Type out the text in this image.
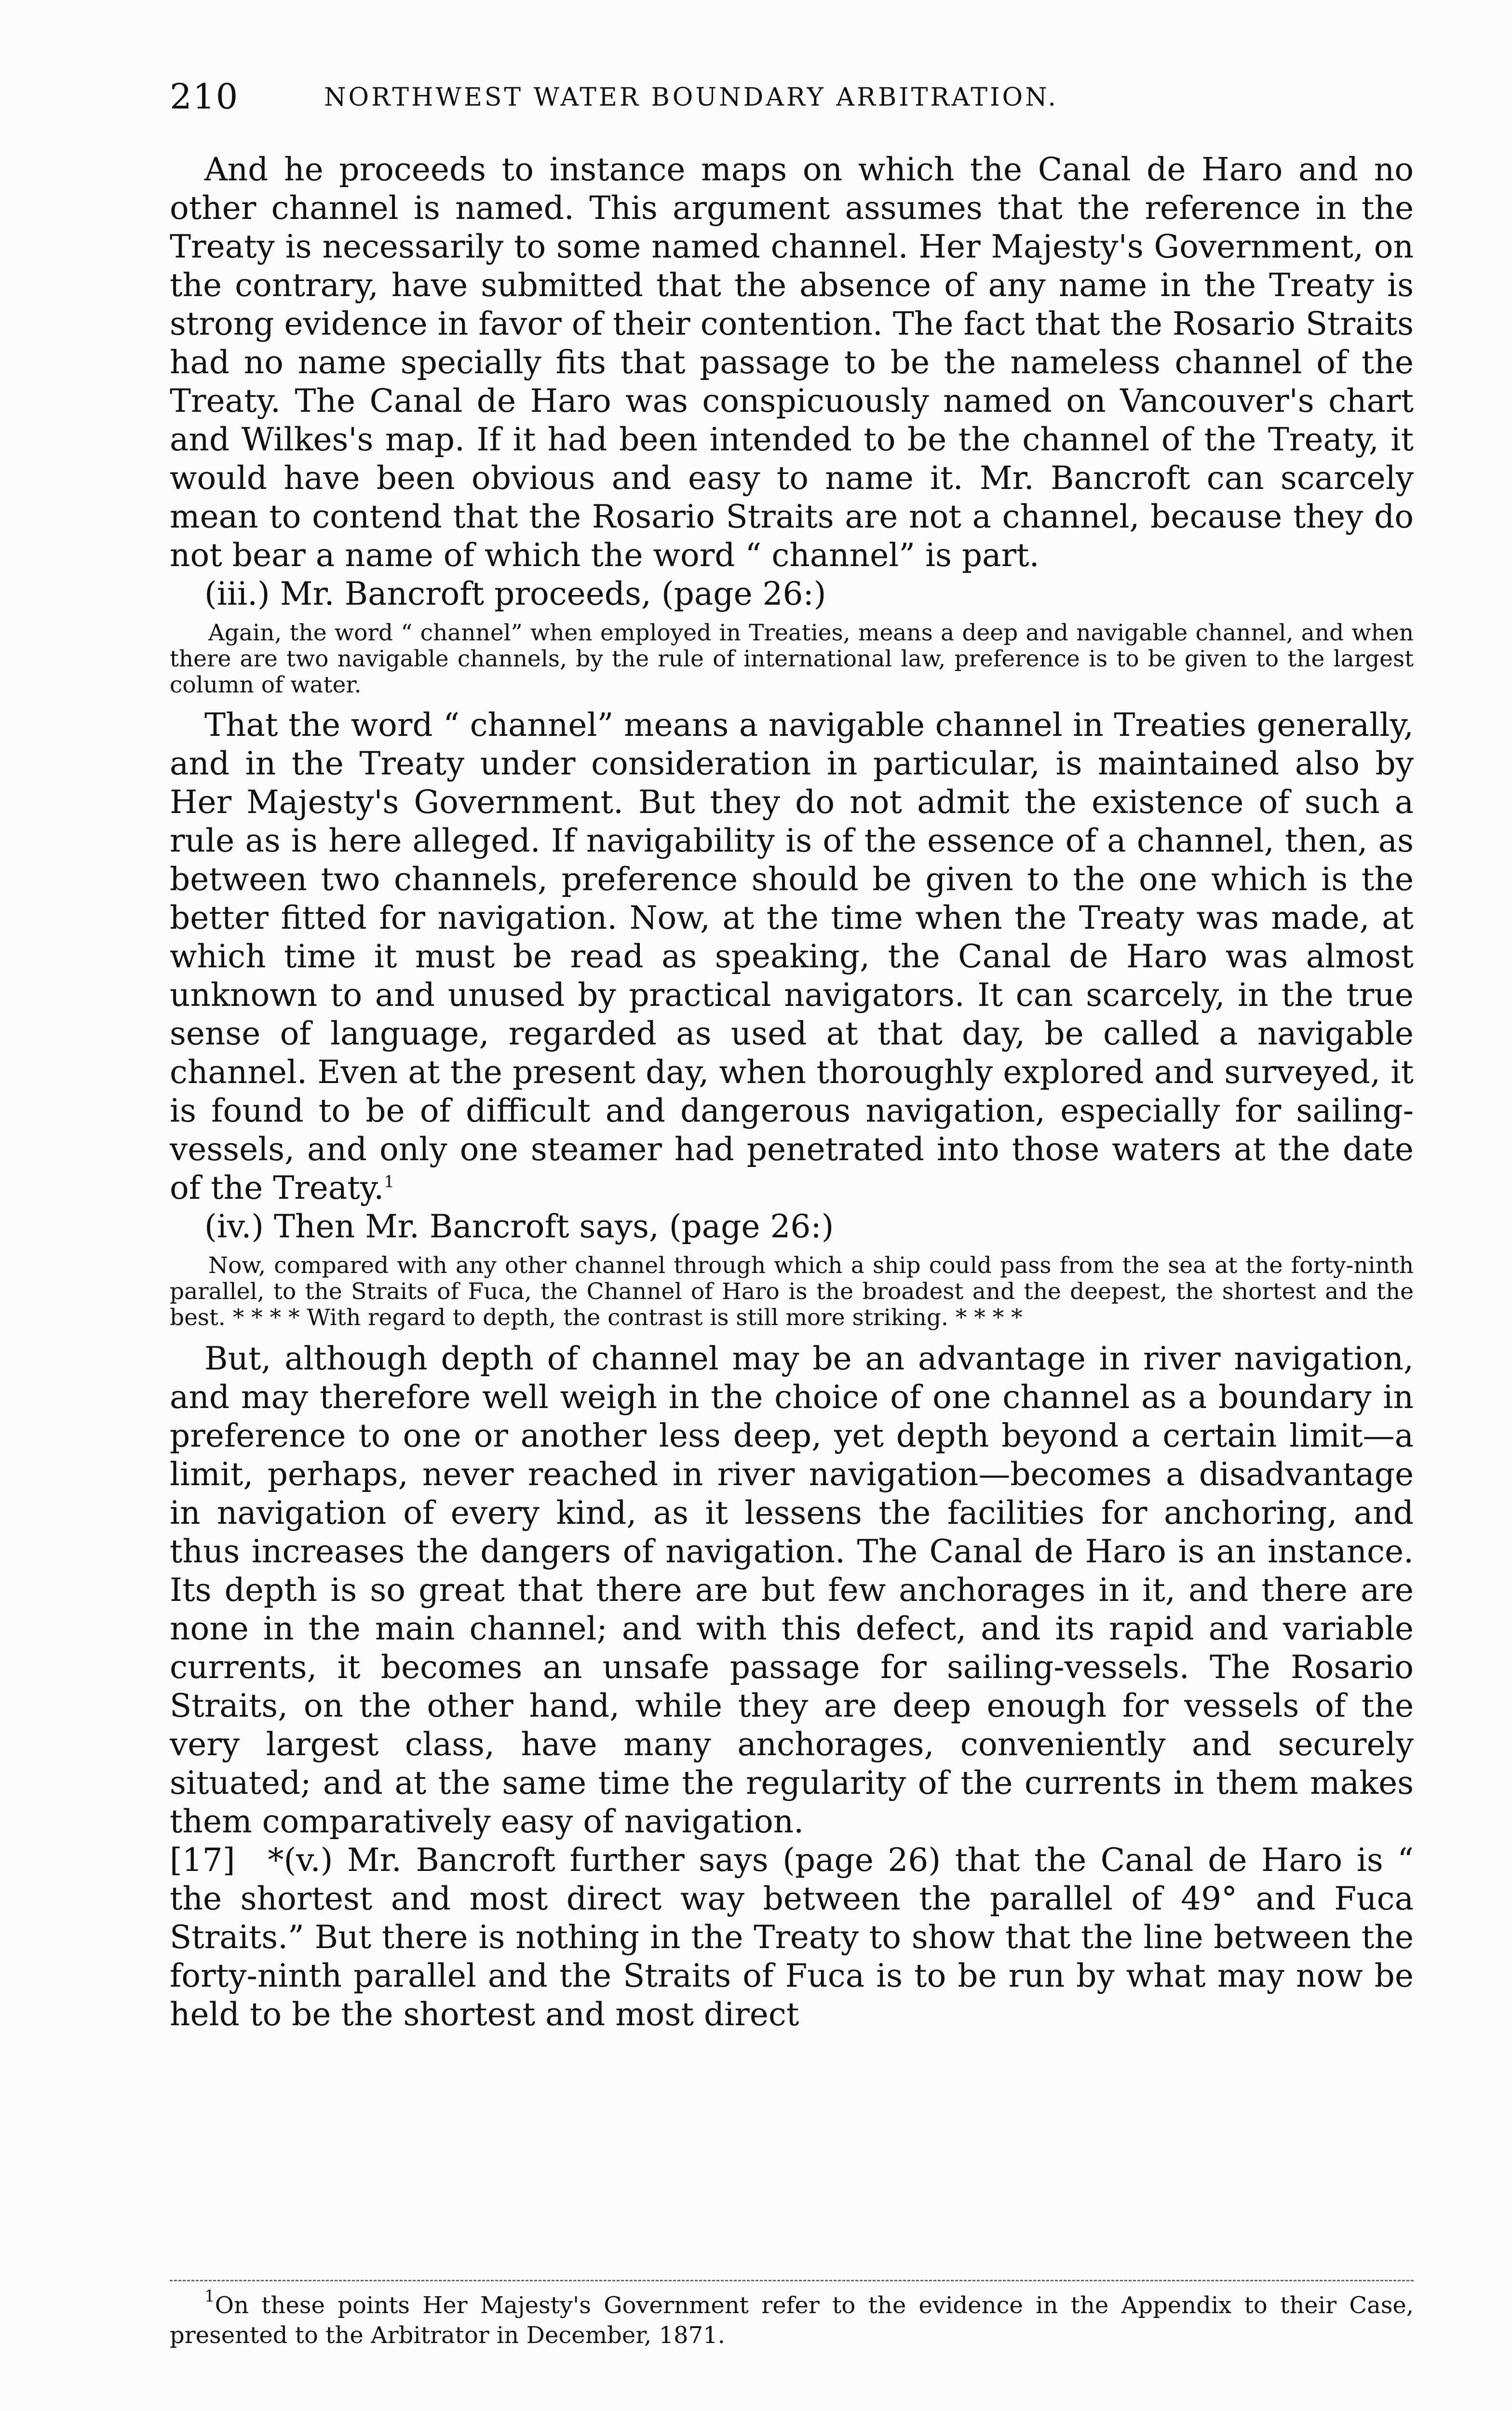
210	NORTHWEST WATER BOUNDARY ARBITRATION.

And he proceeds to instance maps on which the Canal de Haro and no other channel is named. This argument assumes that the reference in the Treaty is necessarily to some named channel. Her Majesty's Government, on the contrary, have submitted that the absence of any name in the Treaty is strong evidence in favor of their contention. The fact that the Rosario Straits had no name specially fits that passage to be the nameless channel of the Treaty. The Canal de Haro was conspicuously named on Vancouver's chart and Wilkes's map. If it had been intended to be the channel of the Treaty, it would have been obvious and easy to name it. Mr. Bancroft can scarcely mean to contend that the Rosario Straits are not a channel, because they do not bear a name of which the word “ channel” is part.

(iii.) Mr. Bancroft proceeds, (page 26:)

Again, the word “ channel” when employed in Treaties, means a deep and navigable channel, and when there are two navigable channels, by the rule of international law, preference is to be given to the largest column of water.

That the word “ channel” means a navigable channel in Treaties generally, and in the Treaty under consideration in particular, is maintained also by Her Majesty's Government. But they do not admit the existence of such a rule as is here alleged. If navigability is of the essence of a channel, then, as between two channels, preference should be given to the one which is the better fitted for navigation. Now, at the time when the Treaty was made, at which time it must be read as speaking, the Canal de Haro was almost unknown to and unused by practical navigators. It can scarcely, in the true sense of language, regarded as used at that day, be called a navigable channel. Even at the present day, when thoroughly explored and surveyed, it is found to be of difficult and dangerous navigation, especially for sailing-vessels, and only one steamer had penetrated into those waters at the date of the Treaty.$^1$

(iv.) Then Mr. Bancroft says, (page 26:)

Now, compared with any other channel through which a ship could pass from the sea at the forty-ninth parallel, to the Straits of Fuca, the Channel of Haro is the broadest and the deepest, the shortest and the best. * * * * With regard to depth, the contrast is still more striking. * * * *

But, although depth of channel may be an advantage in river navigation, and may therefore well weigh in the choice of one channel as a boundary in preference to one or another less deep, yet depth beyond a certain limit—a limit, perhaps, never reached in river navigation—becomes a disadvantage in navigation of every kind, as it lessens the facilities for anchoring, and thus increases the dangers of navigation. The Canal de Haro is an instance. Its depth is so great that there are but few anchorages in it, and there are none in the main channel; and with this defect, and its rapid and variable currents, it becomes an unsafe passage for sailing-vessels. The Rosario Straits, on the other hand, while they are deep enough for vessels of the very largest class, have many anchorages, conveniently and securely situated; and at the same time the regularity of the currents in them makes them comparatively easy of navigation.

[17] *(v.) Mr. Bancroft further says (page 26) that the Canal de Haro is “ the shortest and most direct way between the parallel of 49° and Fuca Straits.” But there is nothing in the Treaty to show that the line between the forty-ninth parallel and the Straits of Fuca is to be run by what may now be held to be the shortest and most direct

$^1$On these points Her Majesty's Government refer to the evidence in the Appendix to their Case, presented to the Arbitrator in December, 1871.
